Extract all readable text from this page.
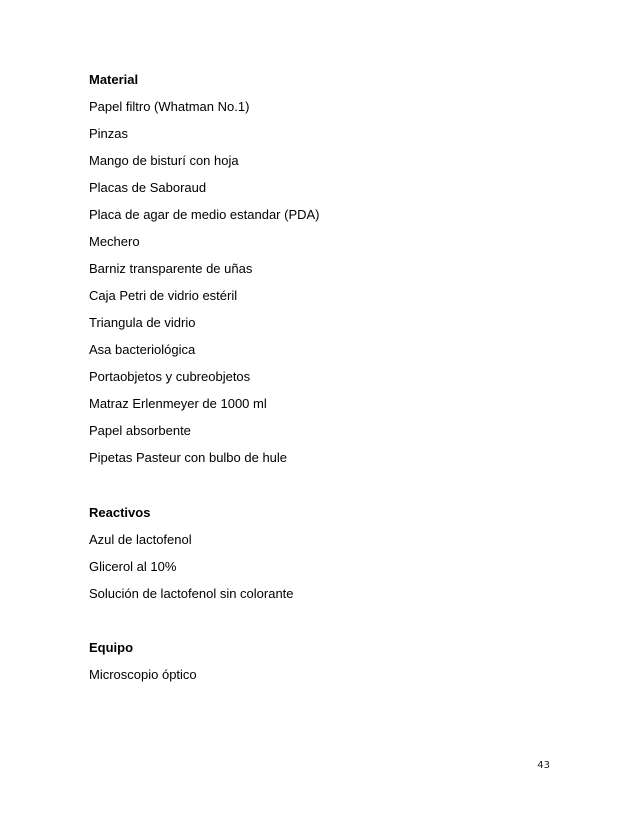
Material
Papel filtro (Whatman No.1)
Pinzas
Mango de bisturí con hoja
Placas de Saboraud
Placa de agar de medio estandar (PDA)
Mechero
Barniz transparente de uñas
Caja Petri de vidrio estéril
Triangula de vidrio
Asa bacteriológica
Portaobjetos y cubreobjetos
Matraz Erlenmeyer de 1000 ml
Papel absorbente
Pipetas Pasteur con bulbo de hule
Reactivos
Azul de lactofenol
Glicerol al 10%
Solución de lactofenol sin colorante
Equipo
Microscopio óptico
43
